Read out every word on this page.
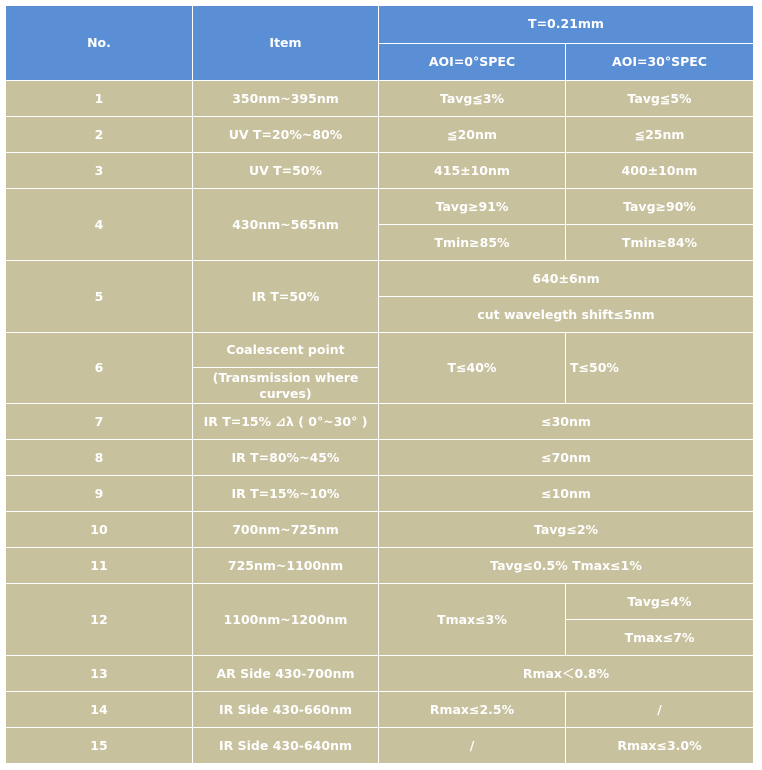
No.	Item	T=0.21mm	
		AOI=0°SPEC	AOI=30°SPEC
1	350nm~395nm	Tavg≦3%	Tavg≦5%
2	UV T=20%~80%	≦20nm	≦25nm
3	UV T=50%	415±10nm	400±10nm
4	430nm~565nm	Tavg≥91%	Tavg≥90%
		Tmin≥85%	Tmin≥84%
5	IR T=50%	640±6nm	
		cut wavelegth shift≤5nm	
6	Coalescent point	T≤40%	T≤50%
	(Transmission where curves)		
7	IR T=15% ⊿λ ( 0°~30° )	≤30nm	
8	IR T=80%~45%	≤70nm	
9	IR T=15%~10%	≤10nm	
10	700nm~725nm	Tavg≤2%	
11	725nm~1100nm	Tavg≤0.5% Tmax≤1%	
12	1100nm~1200nm	Tmax≤3%	Tavg≤4%
			Tmax≤7%
13	AR Side 430-700nm	Rmax＜0.8%	
14	IR Side 430-660nm	Rmax≤2.5%	/
15	IR Side 430-640nm	/	Rmax≤3.0%
